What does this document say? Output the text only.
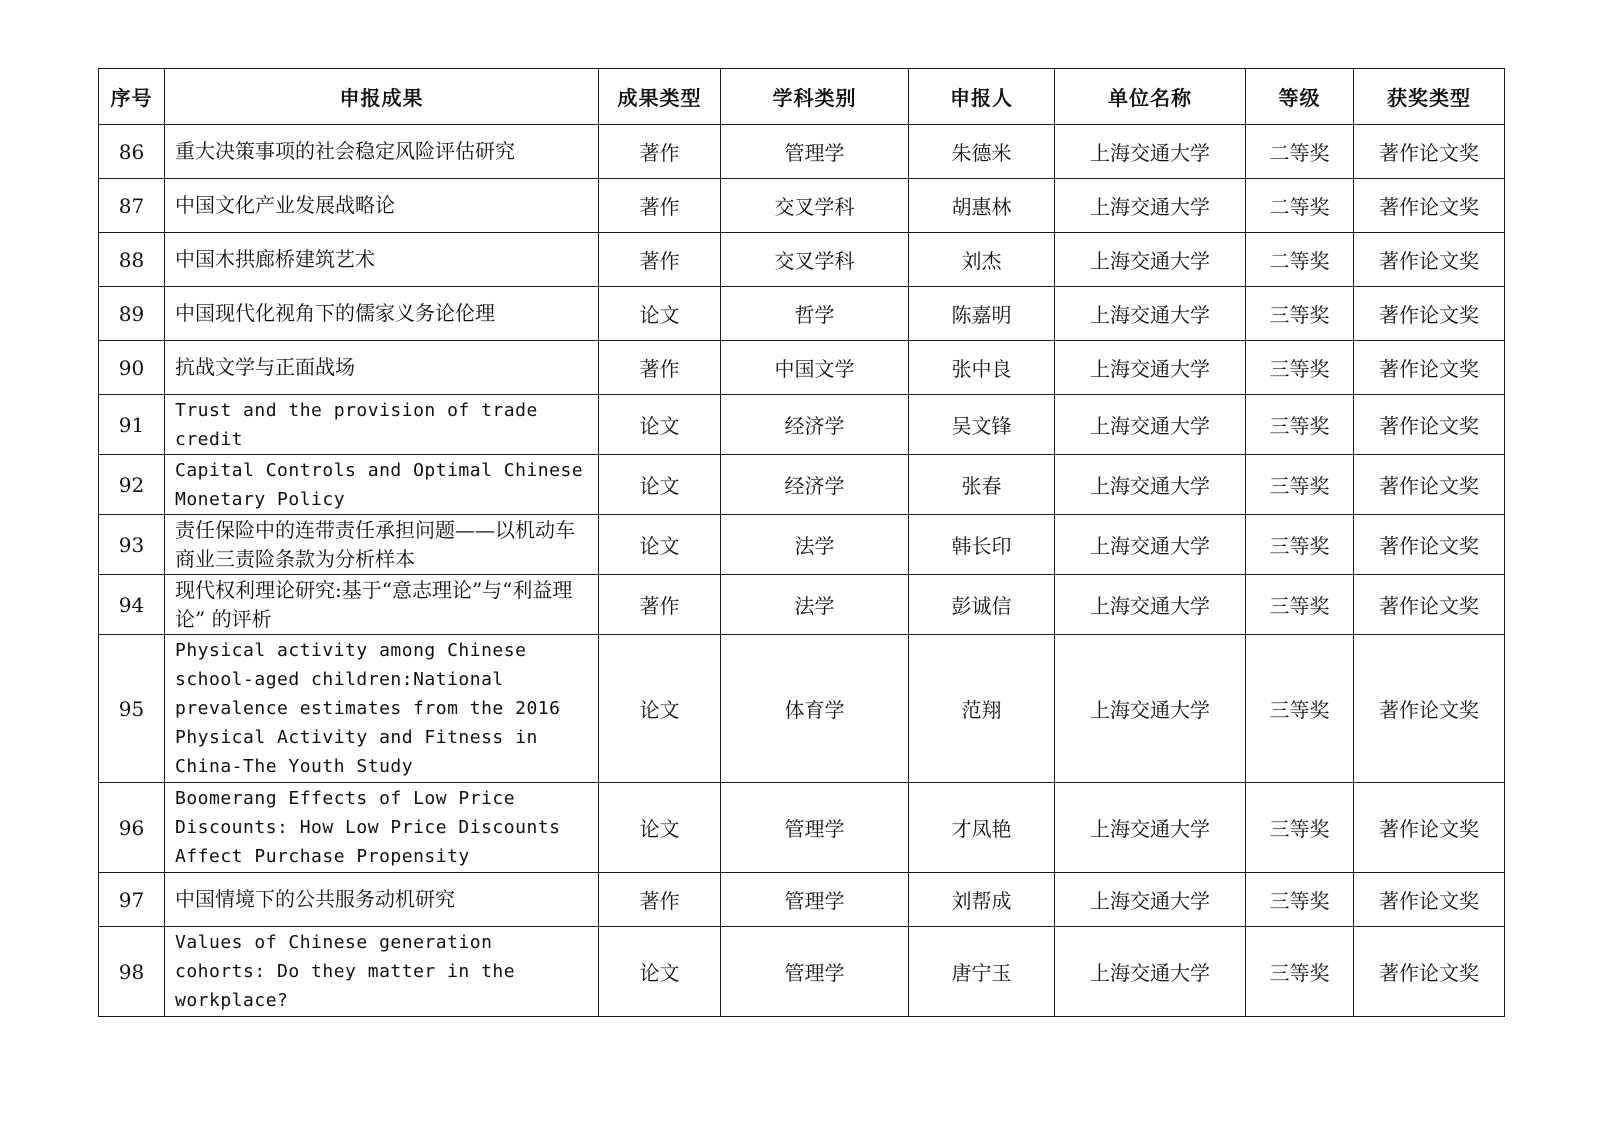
序号	申报成果	成果类型	学科类别	申报人	单位名称	等级	获奖类型
86	重大决策事项的社会稳定风险评估研究	著作	管理学	朱德米	上海交通大学	二等奖	著作论文奖
87	中国文化产业发展战略论	著作	交叉学科	胡惠林	上海交通大学	二等奖	著作论文奖
88	中国木拱廊桥建筑艺术	著作	交叉学科	刘杰	上海交通大学	二等奖	著作论文奖
89	中国现代化视角下的儒家义务论伦理	论文	哲学	陈嘉明	上海交通大学	三等奖	著作论文奖
90	抗战文学与正面战场	著作	中国文学	张中良	上海交通大学	三等奖	著作论文奖
91	Trust and the provision of trade credit	论文	经济学	吴文锋	上海交通大学	三等奖	著作论文奖
92	Capital Controls and Optimal Chinese Monetary Policy	论文	经济学	张春	上海交通大学	三等奖	著作论文奖
93	责任保险中的连带责任承担问题——以机动车商业三责险条款为分析样本	论文	法学	韩长印	上海交通大学	三等奖	著作论文奖
94	现代权利理论研究:基于“意志理论”与“利益理论” 的评析	著作	法学	彭诚信	上海交通大学	三等奖	著作论文奖
95	Physical activity among Chinese school-aged children:National prevalence estimates from the 2016 Physical Activity and Fitness in China-The Youth Study	论文	体育学	范翔	上海交通大学	三等奖	著作论文奖
96	Boomerang Effects of Low Price Discounts: How Low Price Discounts Affect Purchase Propensity	论文	管理学	才凤艳	上海交通大学	三等奖	著作论文奖
97	中国情境下的公共服务动机研究	著作	管理学	刘帮成	上海交通大学	三等奖	著作论文奖
98	Values of Chinese generation cohorts: Do they matter in the workplace?	论文	管理学	唐宁玉	上海交通大学	三等奖	著作论文奖
